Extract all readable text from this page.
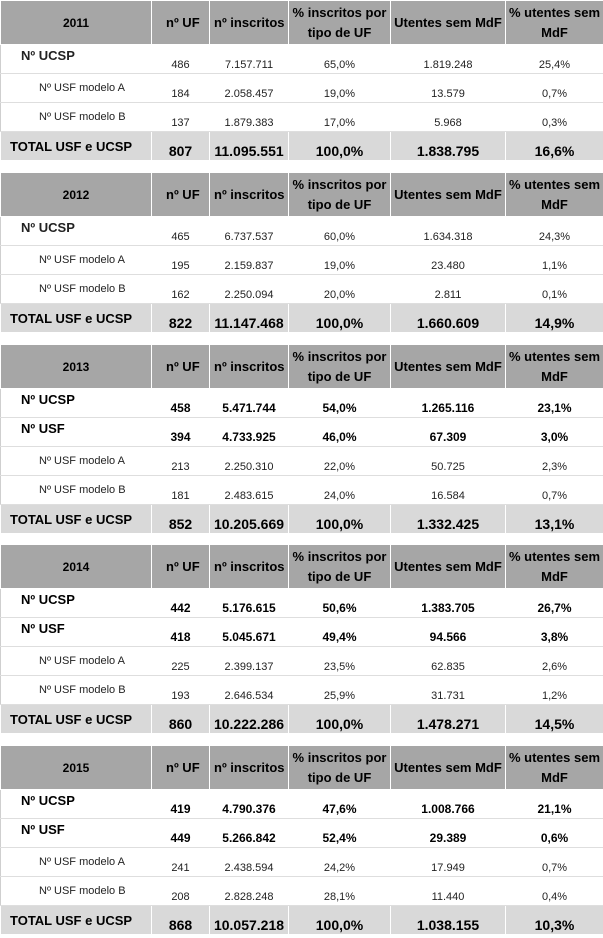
2011	nº UF	nº inscritos	% inscritos por tipo de UF	Utentes sem MdF	% utentes sem MdF
Nº UCSP	486	7.157.711	65,0%	1.819.248	25,4%
Nº USF modelo A	184	2.058.457	19,0%	13.579	0,7%
Nº USF modelo B	137	1.879.383	17,0%	5.968	0,3%
TOTAL USF e UCSP	807	11.095.551	100,0%	1.838.795	16,6%
2012	nº UF	nº inscritos	% inscritos por tipo de UF	Utentes sem MdF	% utentes sem MdF
Nº UCSP	465	6.737.537	60,0%	1.634.318	24,3%
Nº USF modelo A	195	2.159.837	19,0%	23.480	1,1%
Nº USF modelo B	162	2.250.094	20,0%	2.811	0,1%
TOTAL USF e UCSP	822	11.147.468	100,0%	1.660.609	14,9%
2013	nº UF	nº inscritos	% inscritos por tipo de UF	Utentes sem MdF	% utentes sem MdF
Nº UCSP	458	5.471.744	54,0%	1.265.116	23,1%
Nº USF	394	4.733.925	46,0%	67.309	3,0%
Nº USF modelo A	213	2.250.310	22,0%	50.725	2,3%
Nº USF modelo B	181	2.483.615	24,0%	16.584	0,7%
TOTAL USF e UCSP	852	10.205.669	100,0%	1.332.425	13,1%
2014	nº UF	nº inscritos	% inscritos por tipo de UF	Utentes sem MdF	% utentes sem MdF
Nº UCSP	442	5.176.615	50,6%	1.383.705	26,7%
Nº USF	418	5.045.671	49,4%	94.566	3,8%
Nº USF modelo A	225	2.399.137	23,5%	62.835	2,6%
Nº USF modelo B	193	2.646.534	25,9%	31.731	1,2%
TOTAL USF e UCSP	860	10.222.286	100,0%	1.478.271	14,5%
2015	nº UF	nº inscritos	% inscritos por tipo de UF	Utentes sem MdF	% utentes sem MdF
Nº UCSP	419	4.790.376	47,6%	1.008.766	21,1%
Nº USF	449	5.266.842	52,4%	29.389	0,6%
Nº USF modelo A	241	2.438.594	24,2%	17.949	0,7%
Nº USF modelo B	208	2.828.248	28,1%	11.440	0,4%
TOTAL USF e UCSP	868	10.057.218	100,0%	1.038.155	10,3%
